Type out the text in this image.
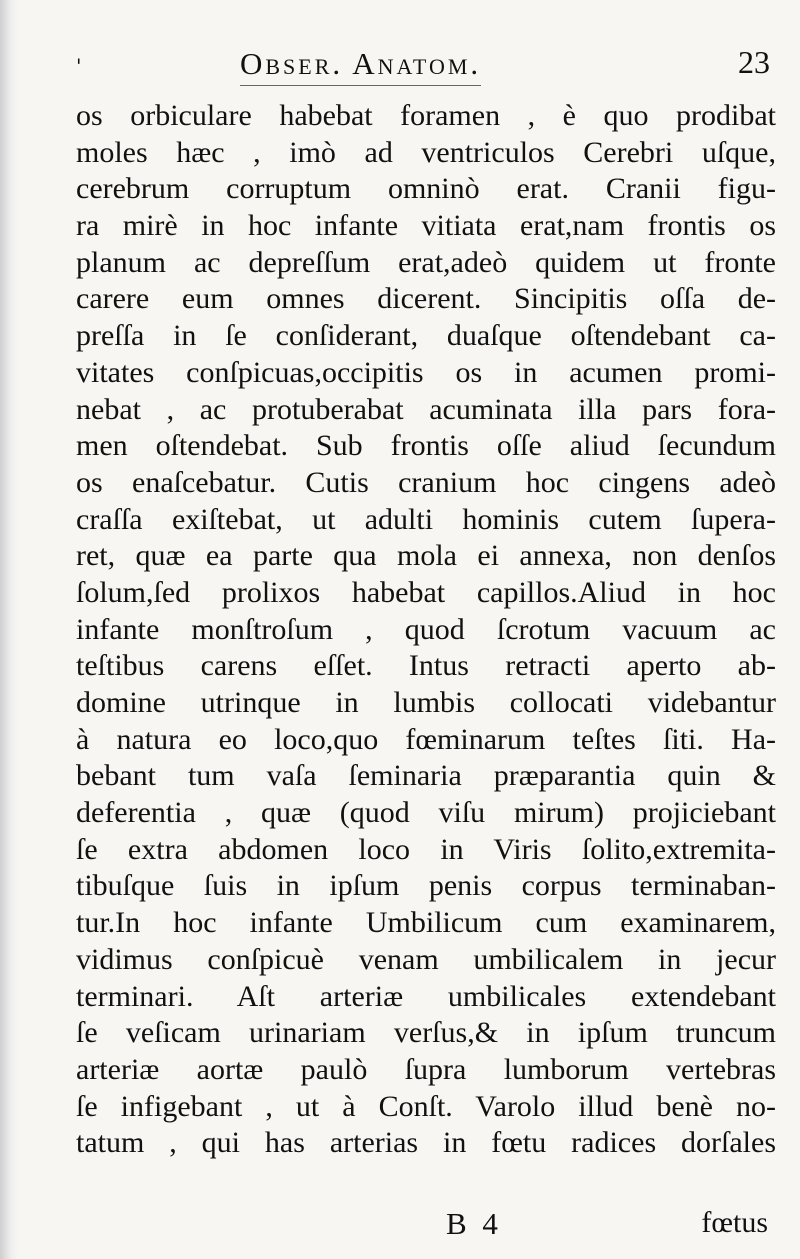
'	Obser. Anatom.	23
os orbiculare habebat foramen , è quo prodibat
moles hæc , imò ad ventriculos Cerebri uſque,
cerebrum corruptum omninò erat. Cranii figu-
ra mirè in hoc infante vitiata erat,nam frontis os
planum ac depreſſum erat,adeò quidem ut fronte
carere eum omnes dicerent. Sincipitis oſſa de-
preſſa in ſe conſiderant, duaſque oſtendebant ca-
vitates conſpicuas,occipitis os in acumen promi-
nebat , ac protuberabat acuminata illa pars fora-
men oſtendebat. Sub frontis oſſe aliud ſecundum
os enaſcebatur. Cutis cranium hoc cingens adeò
craſſa exiſtebat, ut adulti hominis cutem ſupera-
ret, quæ ea parte qua mola ei annexa, non denſos
ſolum,ſed prolixos habebat capillos.Aliud in hoc
infante monſtroſum , quod ſcrotum vacuum ac
teſtibus carens eſſet. Intus retracti aperto ab-
domine utrinque in lumbis collocati videbantur
à natura eo loco,quo fœminarum teſtes ſiti. Ha-
bebant tum vaſa ſeminaria præparantia quin &
deferentia , quæ (quod viſu mirum) projiciebant
ſe extra abdomen loco in Viris ſolito,extremita-
tibuſque ſuis in ipſum penis corpus terminaban-
tur.In hoc infante Umbilicum cum examinarem,
vidimus conſpicuè venam umbilicalem in jecur
terminari. Aſt arteriæ umbilicales extendebant
ſe veſicam urinariam verſus,& in ipſum truncum
arteriæ aortæ paulò ſupra lumborum vertebras
ſe infigebant , ut à Conſt. Varolo illud benè no-
tatum , qui has arterias in fœtu radices dorſales
B 4	fœtus
